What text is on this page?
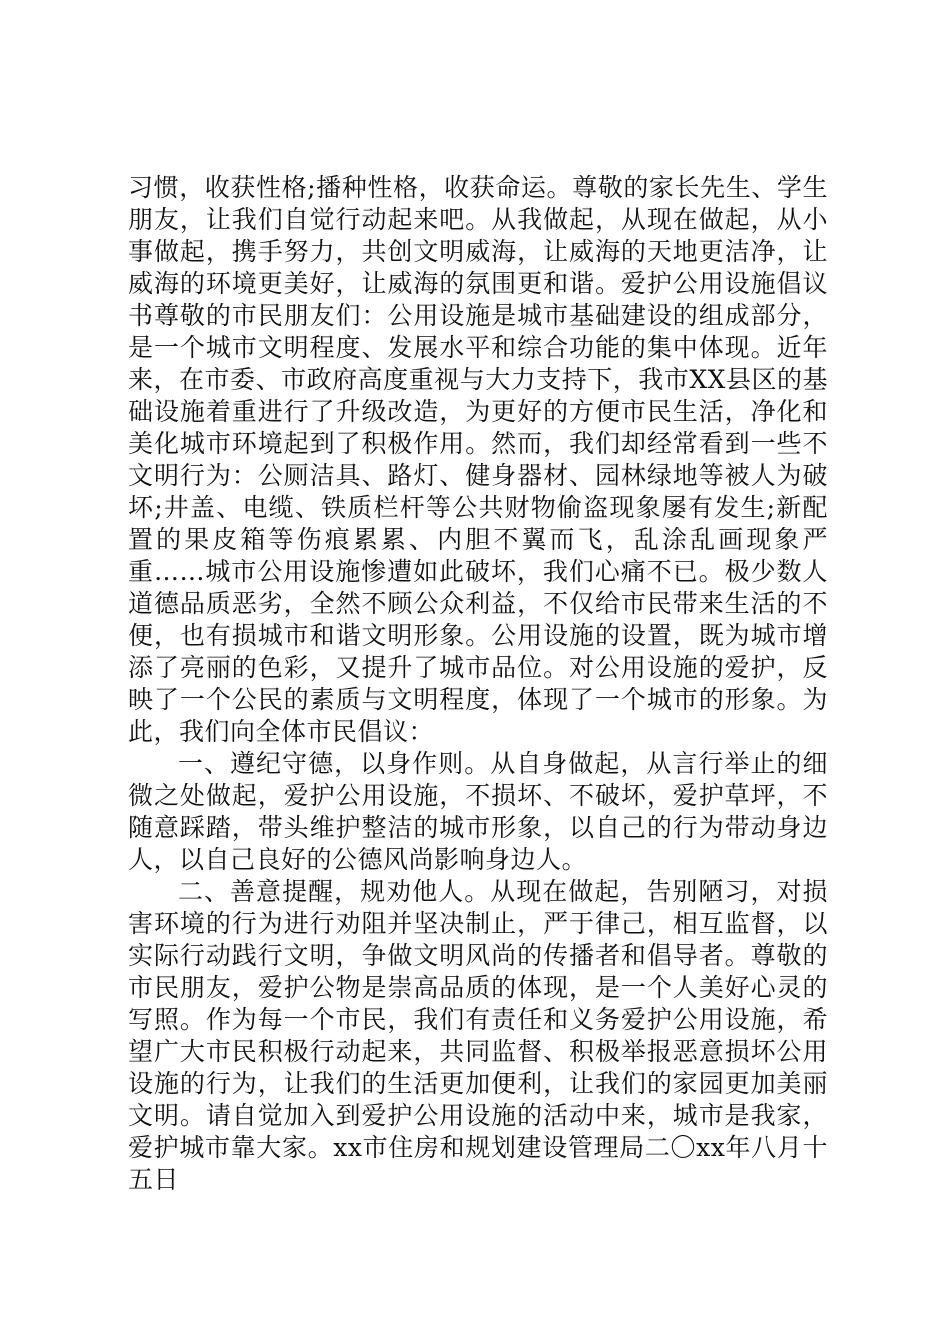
习惯，收获性格;播种性格，收获命运。尊敬的家长先生、学生朋友，让我们自觉行动起来吧。从我做起，从现在做起，从小事做起，携手努力，共创文明威海，让威海的天地更洁净，让威海的环境更美好，让威海的氛围更和谐。爱护公用设施倡议书尊敬的市民朋友们：公用设施是城市基础建设的组成部分，是一个城市文明程度、发展水平和综合功能的集中体现。近年来，在市委、市政府高度重视与大力支持下，我市XX县区的基础设施着重进行了升级改造，为更好的方便市民生活，净化和美化城市环境起到了积极作用。然而，我们却经常看到一些不文明行为：公厕洁具、路灯、健身器材、园林绿地等被人为破坏;井盖、电缆、铁质栏杆等公共财物偷盗现象屡有发生;新配置的果皮箱等伤痕累累、内胆不翼而飞，乱涂乱画现象严重……城市公用设施惨遭如此破坏，我们心痛不已。极少数人道德品质恶劣，全然不顾公众利益，不仅给市民带来生活的不便，也有损城市和谐文明形象。公用设施的设置，既为城市增添了亮丽的色彩，又提升了城市品位。对公用设施的爱护，反映了一个公民的素质与文明程度，体现了一个城市的形象。为此，我们向全体市民倡议：

一、遵纪守德，以身作则。从自身做起，从言行举止的细微之处做起，爱护公用设施，不损坏、不破坏，爱护草坪，不随意踩踏，带头维护整洁的城市形象，以自己的行为带动身边人，以自己良好的公德风尚影响身边人。

二、善意提醒，规劝他人。从现在做起，告别陋习，对损害环境的行为进行劝阻并坚决制止，严于律己，相互监督，以实际行动践行文明，争做文明风尚的传播者和倡导者。尊敬的市民朋友，爱护公物是崇高品质的体现，是一个人美好心灵的写照。作为每一个市民，我们有责任和义务爱护公用设施，希望广大市民积极行动起来，共同监督、积极举报恶意损坏公用设施的行为，让我们的生活更加便利，让我们的家园更加美丽文明。请自觉加入到爱护公用设施的活动中来，城市是我家，爱护城市靠大家。xx市住房和规划建设管理局二〇xx年八月十五日
